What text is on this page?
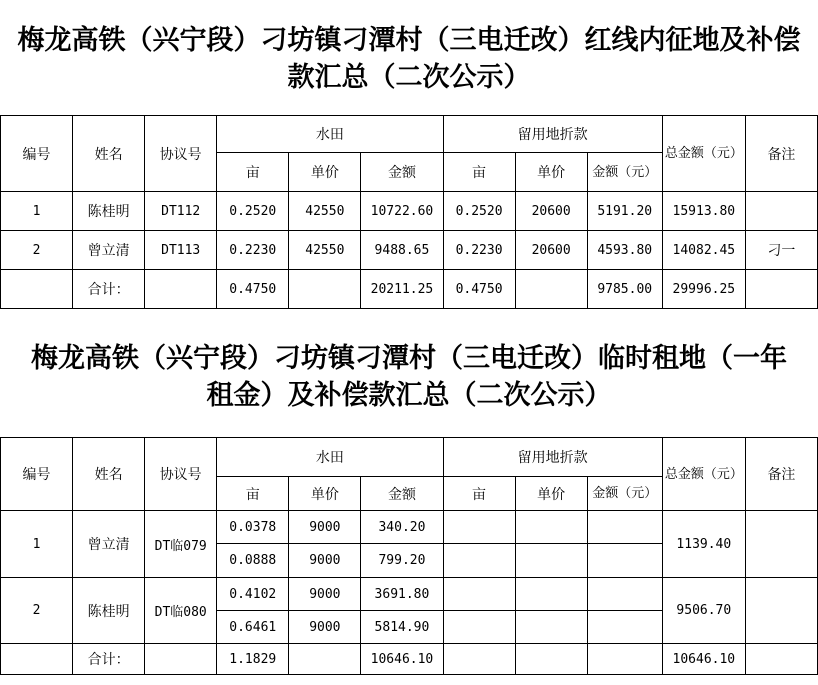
梅龙高铁（兴宁段）刁坊镇刁潭村（三电迁改）红线内征地及补偿款汇总（二次公示）
编号	姓名	协议号	水田			留用地折款			总金额（元）	备注
			亩	单价	金额	亩	单价	金额（元）		
1	陈桂明	DT112	0.2520	42550	10722.60	0.2520	20600	5191.20	15913.80	
2	曾立清	DT113	0.2230	42550	9488.65	0.2230	20600	4593.80	14082.45	刁一
	合计：		0.4750		20211.25	0.4750		9785.00	29996.25	
梅龙高铁（兴宁段）刁坊镇刁潭村（三电迁改）临时租地（一年租金）及补偿款汇总（二次公示）
编号	姓名	协议号	水田			留用地折款			总金额（元）	备注
			亩	单价	金额	亩	单价	金额（元）		
1	曾立清	DT临079	0.0378	9000	340.20				1139.40	
			0.0888	9000	799.20					
2	陈桂明	DT临080	0.4102	9000	3691.80				9506.70	
			0.6461	9000	5814.90					
	合计：		1.1829		10646.10				10646.10	
